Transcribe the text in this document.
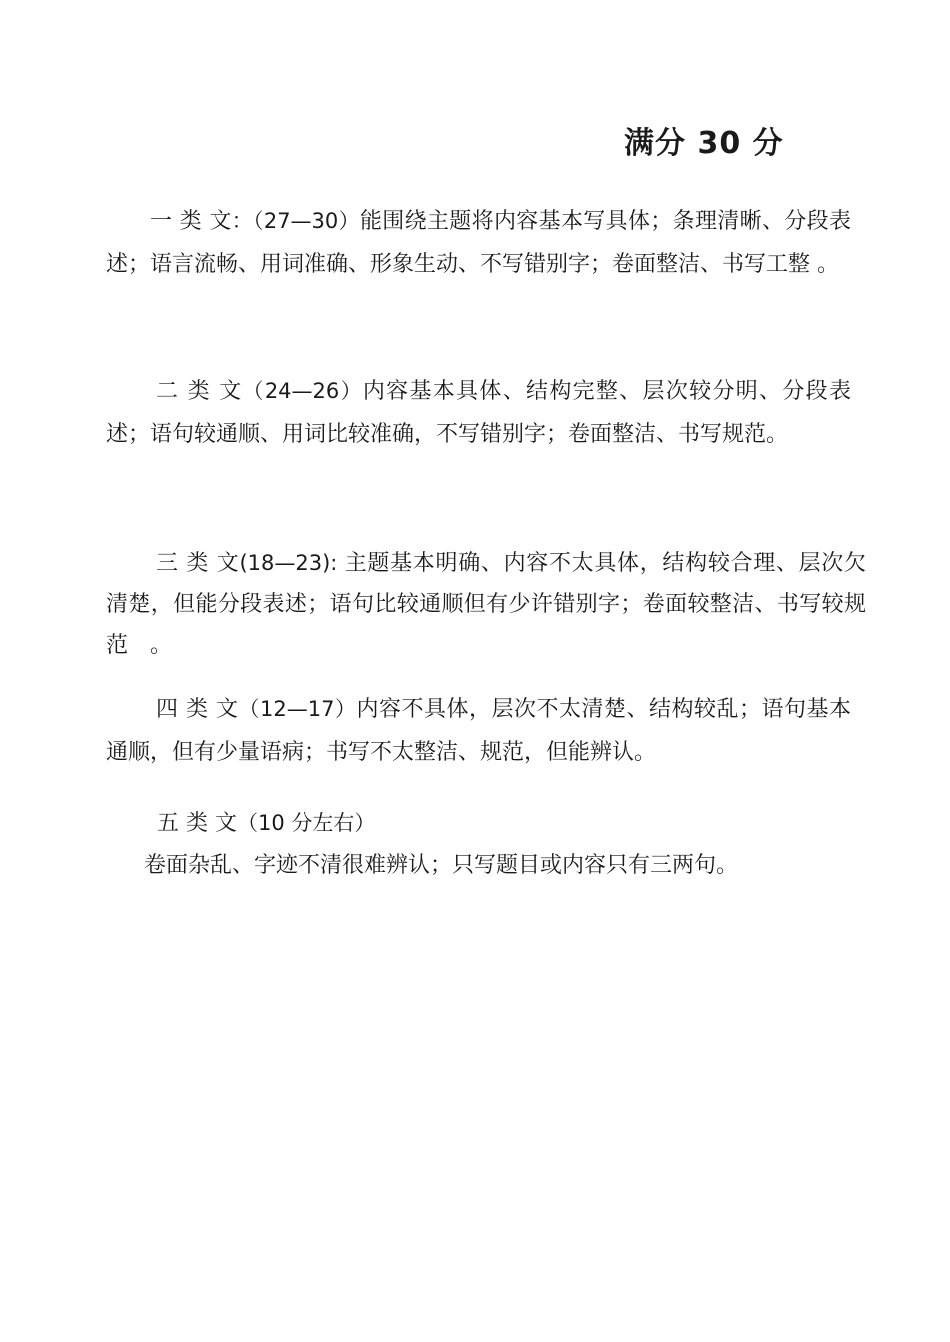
满分 30 分
一 类 文：（27—30）能围绕主题将内容基本写具体；条理清晰、分段表述；语言流畅、用词准确、形象生动、不写错别字；卷面整洁、书写工整 。
二 类 文（24—26）内容基本具体、结构完整、层次较分明、分段表述；语句较通顺、用词比较准确，不写错别字；卷面整洁、书写规范。
三 类 文(18—23): 主题基本明确、内容不太具体，结构较合理、层次欠清楚，但能分段表述；语句比较通顺但有少许错别字；卷面较整洁、书写较规范　。
四 类 文（12—17）内容不具体，层次不太清楚、结构较乱；语句基本通顺，但有少量语病；书写不太整洁、规范，但能辨认。
五 类 文（10 分左右）
卷面杂乱、字迹不清很难辨认；只写题目或内容只有三两句。
